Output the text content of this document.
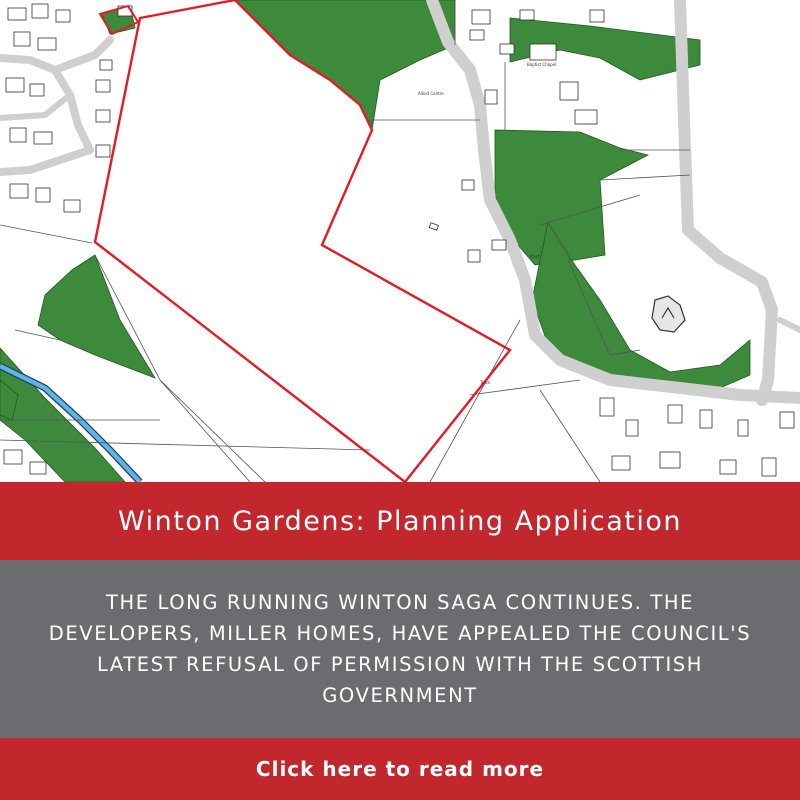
Baptist Chapel
Allied Centre
Track
Mast
Winton Gardens: Planning Application

THE LONG RUNNING WINTON SAGA CONTINUES. THE DEVELOPERS, MILLER HOMES, HAVE APPEALED THE COUNCIL'S LATEST REFUSAL OF PERMISSION WITH THE SCOTTISH GOVERNMENT

Click here to read more
